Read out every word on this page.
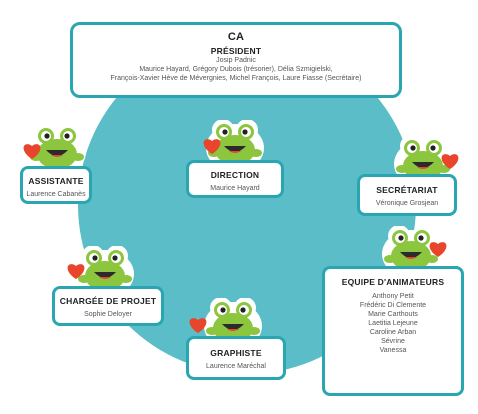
CA
PRÉSIDENT
Josip Padnic
Maurice Hayard, Grégory Dubois (trésorier), Délia Szmigielski,
François-Xavier Hève de Mévergnies, Michel François, Laure Fiasse (Secrétaire)
ASSISTANTE
Laurence Cabanès
DIRECTION
Maurice Hayard	SECRÉTARIAT
Véronique Grosjean
CHARGÉE DE PROJET
Sophie Deloyer
GRAPHISTE
Laurence Maréchal
EQUIPE D'ANIMATEURS
Anthony Petit
Frédéric Di Clemente
Marie Carthouts
Laetitia Lejeune
Caroline Arban
Sévrine
Vanessa
